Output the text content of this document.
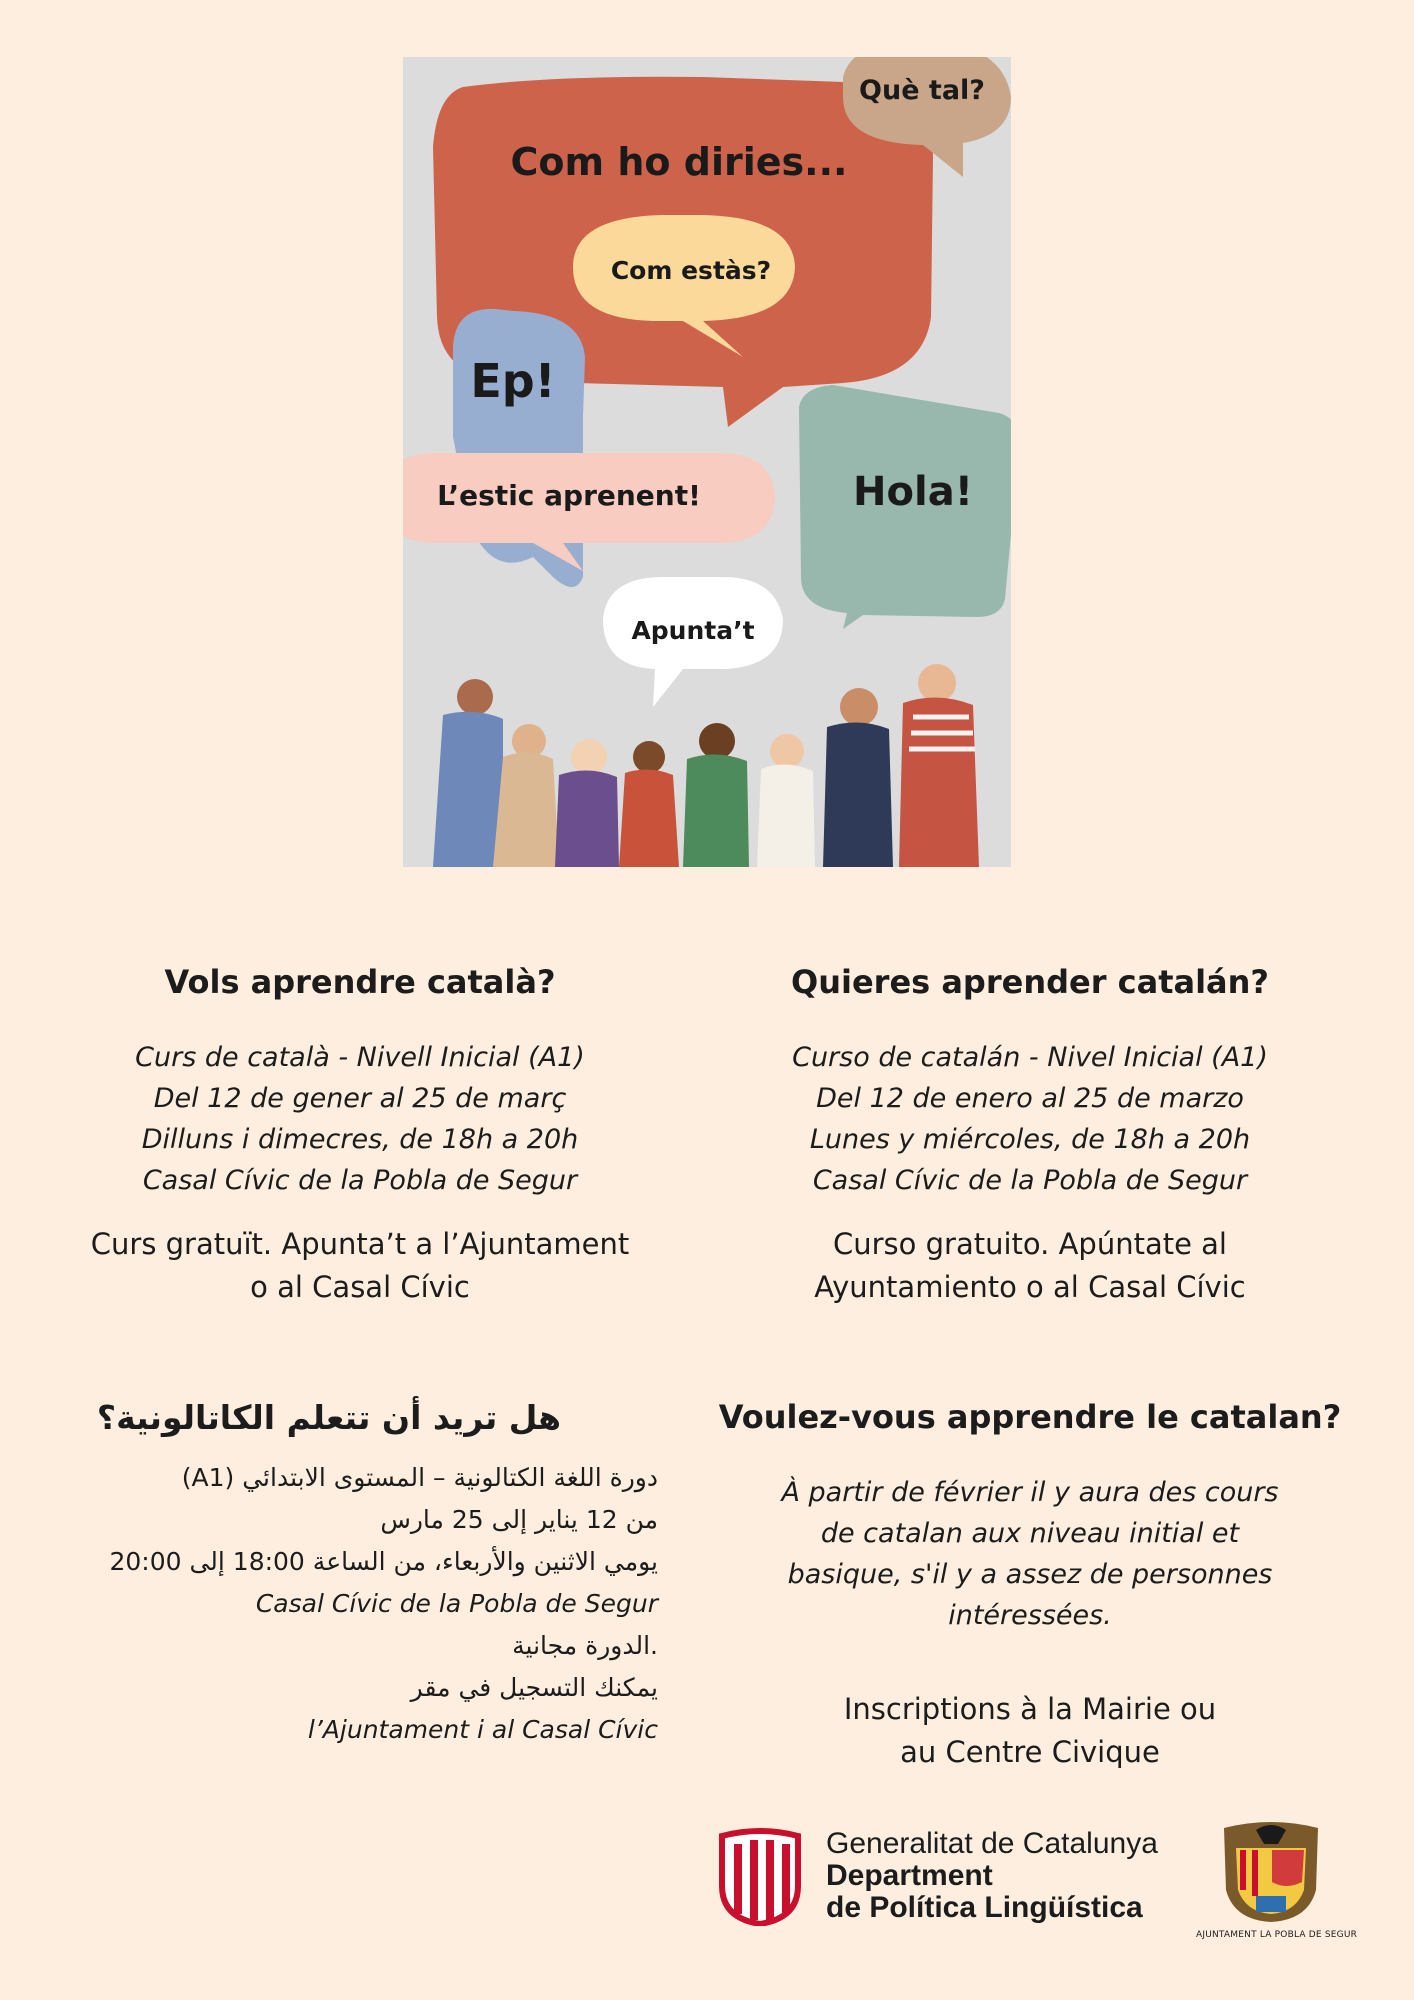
Què tal?
Com ho diries...
Com estàs?
Ep!
L’estic aprenent!	Hola!
Apunta’t
Vols aprendre català?
Curs de català - Nivell Inicial (A1)
Del 12 de gener al 25 de març
Dilluns i dimecres, de 18h a 20h
Casal Cívic de la Pobla de Segur
Curs gratuït. Apunta’t a l’Ajuntament
o al Casal Cívic
Quieres aprender catalán?
Curso de catalán - Nivel Inicial (A1)
Del 12 de enero al 25 de marzo
Lunes y miércoles, de 18h a 20h
Casal Cívic de la Pobla de Segur
Curso gratuito. Apúntate al
Ayuntamiento o al Casal Cívic
هل تريد أن تتعلم الكاتالونية؟
دورة اللغة الكتالونية – المستوى الابتدائي (A1)
من 12 يناير إلى 25 مارس
يومي الاثنين والأربعاء، من الساعة 18:00 إلى 20:00
Casal Cívic de la Pobla de Segur
.الدورة مجانية
يمكنك التسجيل في مقر
l’Ajuntament i al Casal Cívic
Voulez-vous apprendre le catalan?
À partir de février il y aura des cours
de catalan aux niveau initial et
basique, s'il y a assez de personnes
intéressées.
Inscriptions à la Mairie ou
au Centre Civique
Generalitat de Catalunya
Department
de Política Lingüística
AJUNTAMENT LA POBLA DE SEGUR
